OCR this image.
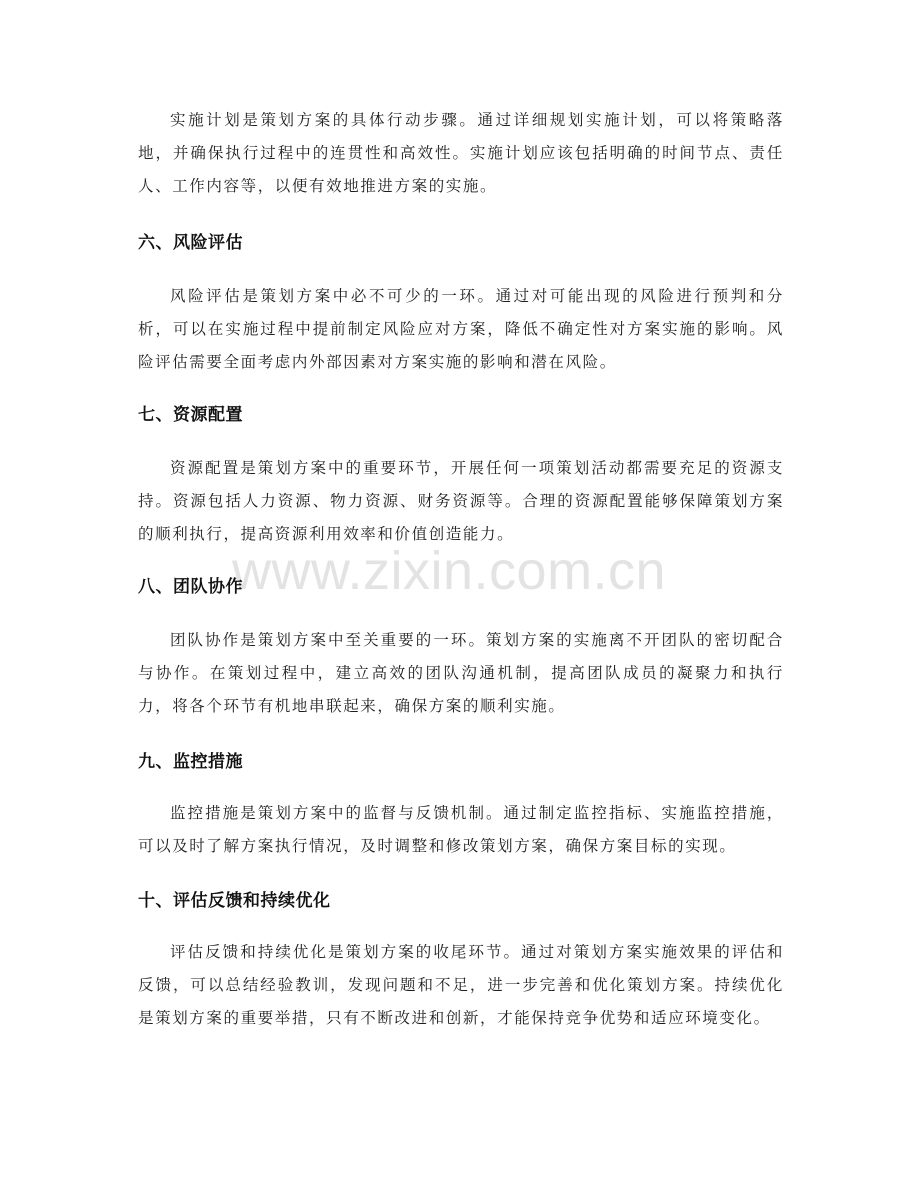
www.zixin.com.cn

实施计划是策划方案的具体行动步骤。通过详细规划实施计划，可以将策略落地，并确保执行过程中的连贯性和高效性。实施计划应该包括明确的时间节点、责任人、工作内容等，以便有效地推进方案的实施。

六、风险评估

风险评估是策划方案中必不可少的一环。通过对可能出现的风险进行预判和分析，可以在实施过程中提前制定风险应对方案，降低不确定性对方案实施的影响。风险评估需要全面考虑内外部因素对方案实施的影响和潜在风险。

七、资源配置

资源配置是策划方案中的重要环节，开展任何一项策划活动都需要充足的资源支持。资源包括人力资源、物力资源、财务资源等。合理的资源配置能够保障策划方案的顺利执行，提高资源利用效率和价值创造能力。

八、团队协作

团队协作是策划方案中至关重要的一环。策划方案的实施离不开团队的密切配合与协作。在策划过程中，建立高效的团队沟通机制，提高团队成员的凝聚力和执行力，将各个环节有机地串联起来，确保方案的顺利实施。

九、监控措施

监控措施是策划方案中的监督与反馈机制。通过制定监控指标、实施监控措施，可以及时了解方案执行情况，及时调整和修改策划方案，确保方案目标的实现。

十、评估反馈和持续优化

评估反馈和持续优化是策划方案的收尾环节。通过对策划方案实施效果的评估和反馈，可以总结经验教训，发现问题和不足，进一步完善和优化策划方案。持续优化是策划方案的重要举措，只有不断改进和创新，才能保持竞争优势和适应环境变化。
